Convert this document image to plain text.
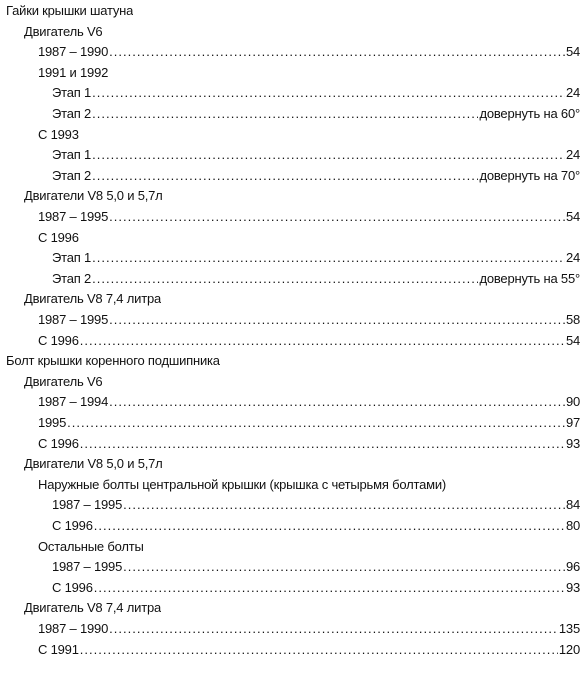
Гайки крышки шатуна
Двигатель V6
1987 – 1990 . . .	54
1991 и 1992
Этап 1 . . .	24
Этап 2 . . .	довернуть на 60°
С 1993
Этап 1 . . .	24
Этап 2 . . .	довернуть на 70°
Двигатели V8 5,0 и 5,7л
1987 – 1995 . . .	54
С 1996
Этап 1 . . .	24
Этап 2 . . .	довернуть на 55°
Двигатель V8 7,4 литра
1987 – 1995 . . .	58
С 1996 . . .	54
Болт крышки коренного подшипника
Двигатель V6
1987 – 1994 . . .	90
1995 . . .	97
С 1996 . . .	93
Двигатели V8 5,0 и 5,7л
Наружные болты центральной крышки (крышка с четырьмя болтами)
1987 – 1995 . . .	84
С 1996 . . .	80
Остальные болты
1987 – 1995 . . .	96
С 1996 . . .	93
Двигатель V8 7,4 литра
1987 – 1990 . . .	135
С 1991 . . .	120
